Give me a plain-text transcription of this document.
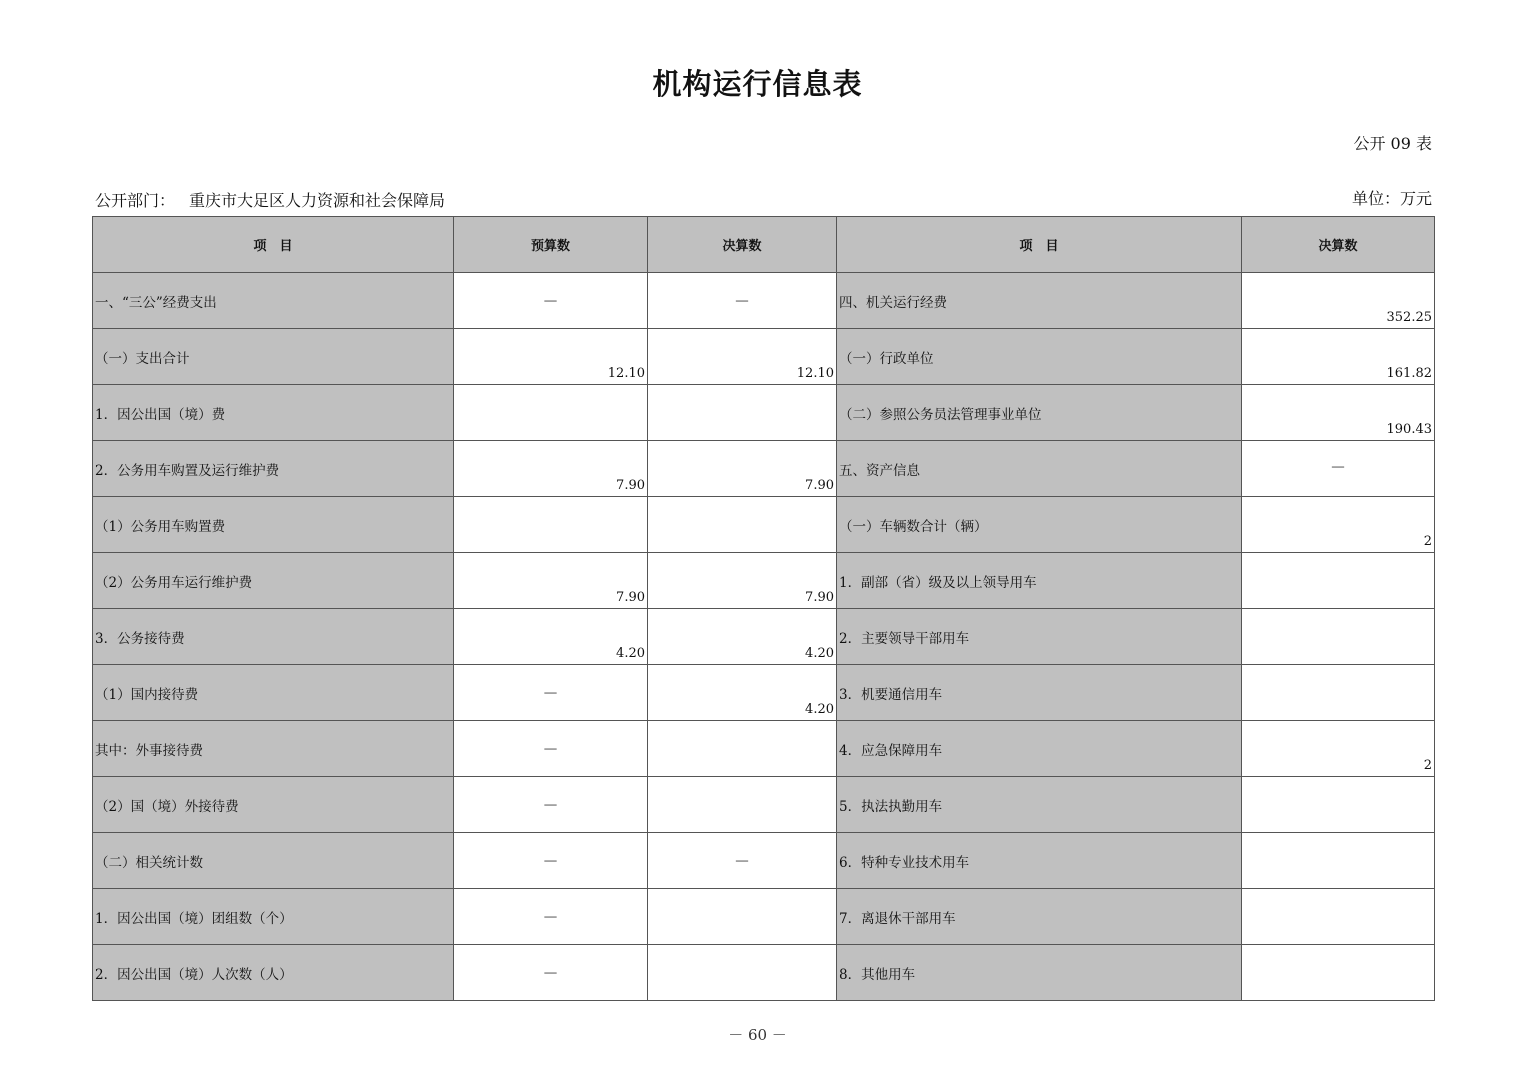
机构运行信息表
公开 09 表
公开部门： 重庆市大足区人力资源和社会保障局	单位：万元
项　目	预算数	决算数	项　目	决算数
一、“三公”经费支出	—	—	四、机关运行经费	352.25

（一）支出合计	12.10	12.10	（一）行政单位	161.82

1．因公出国（境）费			（二）参照公务员法管理事业单位	190.43

2．公务用车购置及运行维护费	7.90	7.90	五、资产信息	—

（1）公务用车购置费			（一）车辆数合计（辆）	2

（2）公务用车运行维护费	7.90	7.90	1．副部（省）级及以上领导用车	

3．公务接待费	4.20	4.20	2．主要领导干部用车	

（1）国内接待费	—	4.20	3．机要通信用车	

其中：外事接待费	—		4．应急保障用车	2

（2）国（境）外接待费	—		5．执法执勤用车	

（二）相关统计数	—	—	6．特种专业技术用车	

1．因公出国（境）团组数（个）	—		7．离退休干部用车	

2．因公出国（境）人次数（人）	—		8．其他用车	
－ 60 －
